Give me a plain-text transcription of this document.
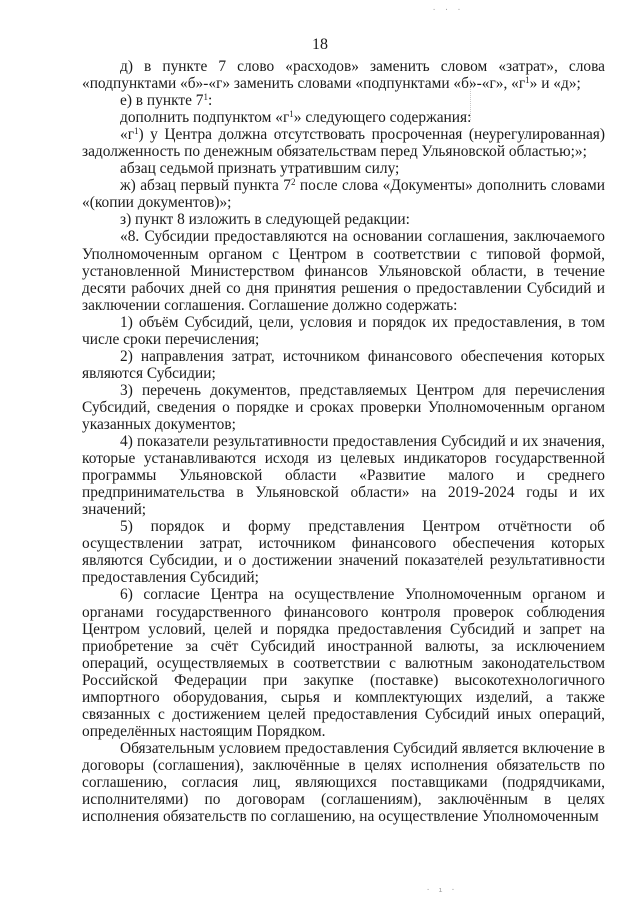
· · ·
18

д) в пункте 7 слово «расходов» заменить словом «затрат», слова «подпунктами «б»-«г» заменить словами «подпунктами «б»-«г», «$г^1$» и «д»;

е) в пункте $7^1$:

дополнить подпунктом «$г^1$» следующего содержания:

«$г^1$) у Центра должна отсутствовать просроченная (неурегулированная) задолженность по денежным обязательствам перед Ульяновской областью;»;

абзац седьмой признать утратившим силу;

ж) абзац первый пункта $7^2$ после слова «Документы» дополнить словами «(копии документов)»;

з) пункт 8 изложить в следующей редакции:

«8. Субсидии предоставляются на основании соглашения, заключаемого Уполномоченным органом с Центром в соответствии с типовой формой, установленной Министерством финансов Ульяновской области, в течение десяти рабочих дней со дня принятия решения о предоставлении Субсидий и заключении соглашения. Соглашение должно содержать:

1) объём Субсидий, цели, условия и порядок их предоставления, в том числе сроки перечисления;

2) направления затрат, источником финансового обеспечения которых являются Субсидии;

3) перечень документов, представляемых Центром для перечисления Субсидий, сведения о порядке и сроках проверки Уполномоченным органом указанных документов;

4) показатели результативности предоставления Субсидий и их значения, которые устанавливаются исходя из целевых индикаторов государственной программы Ульяновской области «Развитие малого и среднего предпринимательства в Ульяновской области» на 2019-2024 годы и их значений;

5) порядок и форму представления Центром отчётности об осуществлении затрат, источником финансового обеспечения которых являются Субсидии, и о достижении значений показателей результативности предоставления Субсидий;

6) согласие Центра на осуществление Уполномоченным органом и органами государственного финансового контроля проверок соблюдения Центром условий, целей и порядка предоставления Субсидий и запрет на приобретение за счёт Субсидий иностранной валюты, за исключением операций, осуществляемых в соответствии с валютным законодательством Российской Федерации при закупке (поставке) высокотехнологичного импортного оборудования, сырья и комплектующих изделий, а также связанных с достижением целей предоставления Субсидий иных операций, определённых настоящим Порядком.

Обязательным условием предоставления Субсидий является включение в договоры (соглашения), заключённые в целях исполнения обязательств по соглашению, согласия лиц, являющихся поставщиками (подрядчиками, исполнителями) по договорам (соглашениям), заключённым в целях исполнения обязательств по соглашению, на осуществление Уполномоченным

· ı ·
